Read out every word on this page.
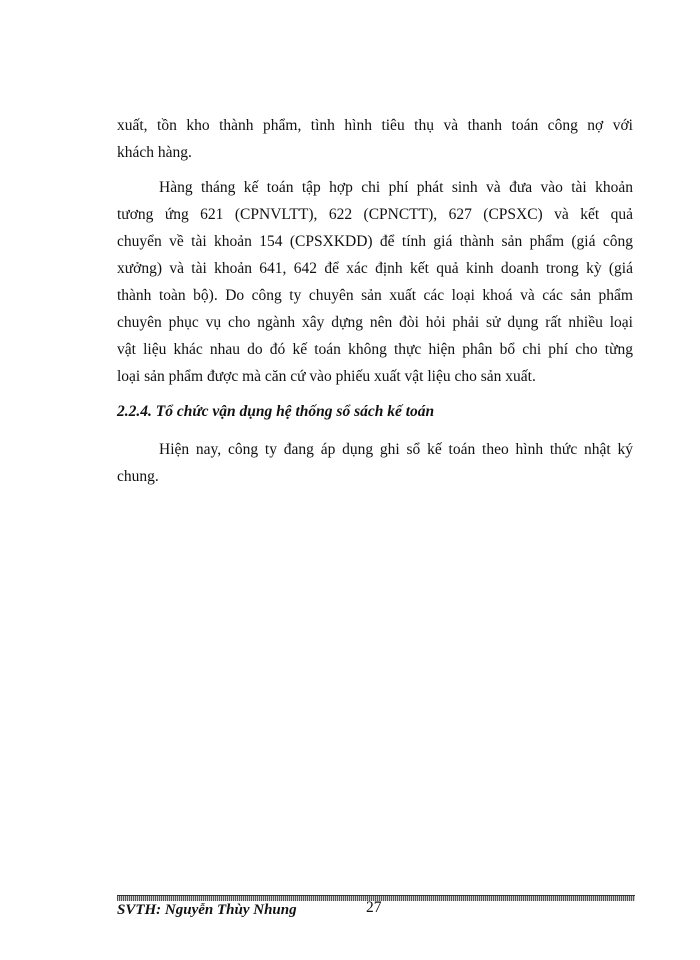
xuất, tồn kho thành phẩm, tình hình tiêu thụ và thanh toán công nợ với
khách hàng.
Hàng tháng kế toán tập hợp chi phí phát sinh và đưa vào tài khoản
tương ứng 621 (CPNVLTT), 622 (CPNCTT), 627 (CPSXC) và kết quả
chuyển về tài khoản 154 (CPSXKDD) để tính giá thành sản phẩm (giá công
xưởng) và tài khoản 641, 642 để xác định kết quả kinh doanh trong kỳ (giá
thành toàn bộ). Do công ty chuyên sản xuất các loại khoá và các sản phẩm
chuyên phục vụ cho ngành xây dựng nên đòi hỏi phải sử dụng rất nhiều loại
vật liệu khác nhau do đó kế toán không thực hiện phân bổ chi phí cho từng
loại sản phẩm được mà căn cứ vào phiếu xuất vật liệu cho sản xuất.
2.2.4. Tổ chức vận dụng hệ thống sổ sách kế toán
Hiện nay, công ty đang áp dụng ghi sổ kế toán theo hình thức nhật ký
chung.
SVTH: Nguyễn Thùy Nhung	27
